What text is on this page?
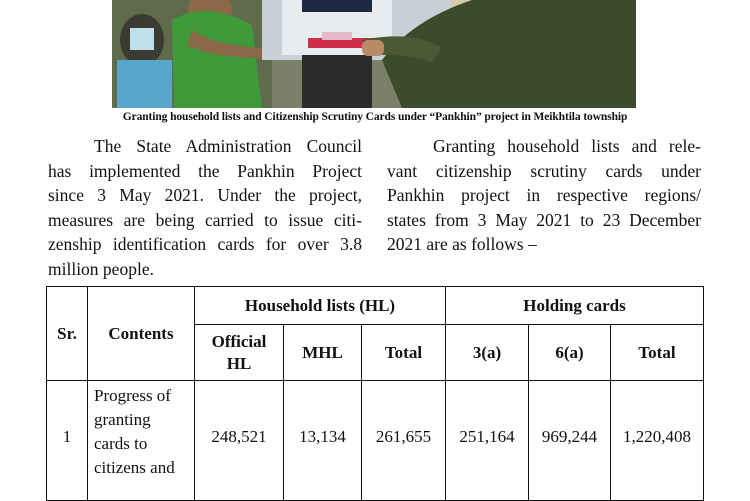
Granting household lists and Citizenship Scrutiny Cards under “Pankhin” project in Meikhtila township
The State Administration Council
has implemented the Pankhin Project
since 3 May 2021. Under the project,
measures are being carried to issue citi-
zenship identification cards for over 3.8
million people.
Granting household lists and rele-
vant citizenship scrutiny cards under
Pankhin project in respective regions/
states from 3 May 2021 to 23 December
2021 are as follows –
Sr.	Contents	Household lists (HL)			Holding cards		

		Official HL	MHL	Total	3(a)	6(a)	Total
1	Progress of granting cards to citizens and	248,521	13,134	261,655	251,164	969,244	1,220,408
